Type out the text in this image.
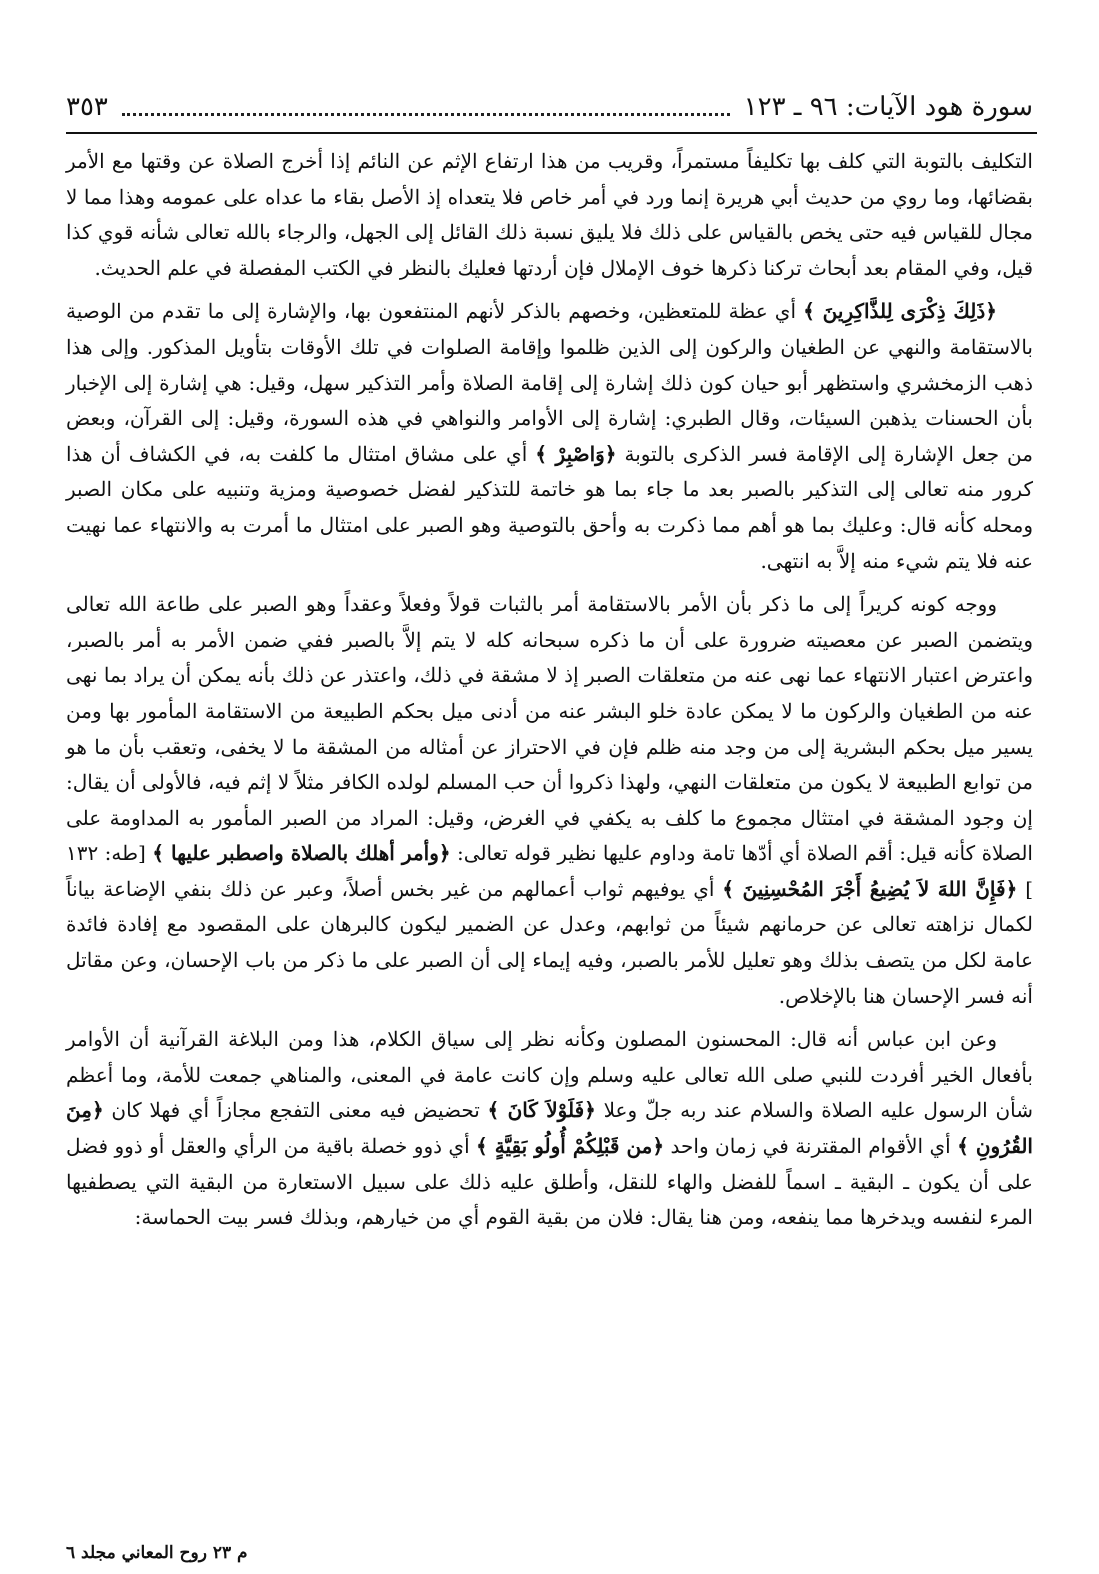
سورة هود الآيات: ٩٦ ـ ١٢٣
٣٥٣

التكليف بالتوبة التي كلف بها تكليفاً مستمراً، وقريب من هذا ارتفاع الإثم عن النائم إذا أخرج الصلاة عن وقتها مع الأمر بقضائها، وما روي من حديث أبي هريرة إنما ورد في أمر خاص فلا يتعداه إذ الأصل بقاء ما عداه على عمومه وهذا مما لا مجال للقياس فيه حتى يخص بالقياس على ذلك فلا يليق نسبة ذلك القائل إلى الجهل، والرجاء بالله تعالى شأنه قوي كذا قيل، وفي المقام بعد أبحاث تركنا ذكرها خوف الإملال فإن أردتها فعليك بالنظر في الكتب المفصلة في علم الحديث.

﴿ذَلِكَ ذِكْرَى لِلذَّاكِرِينَ ﴾ أي عظة للمتعظين، وخصهم بالذكر لأنهم المنتفعون بها، والإشارة إلى ما تقدم من الوصية بالاستقامة والنهي عن الطغيان والركون إلى الذين ظلموا وإقامة الصلوات في تلك الأوقات بتأويل المذكور. وإلى هذا ذهب الزمخشري واستظهر أبو حيان كون ذلك إشارة إلى إقامة الصلاة وأمر التذكير سهل، وقيل: هي إشارة إلى الإخبار بأن الحسنات يذهبن السيئات، وقال الطبري: إشارة إلى الأوامر والنواهي في هذه السورة، وقيل: إلى القرآن، وبعض من جعل الإشارة إلى الإقامة فسر الذكرى بالتوبة ﴿وَاصْبِرْ ﴾ أي على مشاق امتثال ما كلفت به، في الكشاف أن هذا كرور منه تعالى إلى التذكير بالصبر بعد ما جاء بما هو خاتمة للتذكير لفضل خصوصية ومزية وتنبيه على مكان الصبر ومحله كأنه قال: وعليك بما هو أهم مما ذكرت به وأحق بالتوصية وهو الصبر على امتثال ما أمرت به والانتهاء عما نهيت عنه فلا يتم شيء منه إلاَّ به انتهى.

ووجه كونه كريراً إلى ما ذكر بأن الأمر بالاستقامة أمر بالثبات قولاً وفعلاً وعقداً وهو الصبر على طاعة الله تعالى ويتضمن الصبر عن معصيته ضرورة على أن ما ذكره سبحانه كله لا يتم إلاَّ بالصبر ففي ضمن الأمر به أمر بالصبر، واعترض اعتبار الانتهاء عما نهى عنه من متعلقات الصبر إذ لا مشقة في ذلك، واعتذر عن ذلك بأنه يمكن أن يراد بما نهى عنه من الطغيان والركون ما لا يمكن عادة خلو البشر عنه من أدنى ميل بحكم الطبيعة من الاستقامة المأمور بها ومن يسير ميل بحكم البشرية إلى من وجد منه ظلم فإن في الاحتراز عن أمثاله من المشقة ما لا يخفى، وتعقب بأن ما هو من توابع الطبيعة لا يكون من متعلقات النهي، ولهذا ذكروا أن حب المسلم لولده الكافر مثلاً لا إثم فيه، فالأولى أن يقال: إن وجود المشقة في امتثال مجموع ما كلف به يكفي في الغرض، وقيل: المراد من الصبر المأمور به المداومة على الصلاة كأنه قيل: أقم الصلاة أي أدّها تامة وداوم عليها نظير قوله تعالى: ﴿وأمر أهلك بالصلاة واصطبر عليها ﴾ [طه: ١٣٢ ] ﴿فَإِنَّ اللهَ لاَ يُضِيعُ أَجْرَ المُحْسِنِينَ ﴾ أي يوفيهم ثواب أعمالهم من غير بخس أصلاً، وعبر عن ذلك بنفي الإضاعة بياناً لكمال نزاهته تعالى عن حرمانهم شيئاً من ثوابهم، وعدل عن الضمير ليكون كالبرهان على المقصود مع إفادة فائدة عامة لكل من يتصف بذلك وهو تعليل للأمر بالصبر، وفيه إيماء إلى أن الصبر على ما ذكر من باب الإحسان، وعن مقاتل أنه فسر الإحسان هنا بالإخلاص.

وعن ابن عباس أنه قال: المحسنون المصلون وكأنه نظر إلى سياق الكلام، هذا ومن البلاغة القرآنية أن الأوامر بأفعال الخير أفردت للنبي صلى الله تعالى عليه وسلم وإن كانت عامة في المعنى، والمناهي جمعت للأمة، وما أعظم شأن الرسول عليه الصلاة والسلام عند ربه جلّ وعلا ﴿فَلَوْلاَ كَانَ ﴾ تحضيض فيه معنى التفجع مجازاً أي فهلا كان ﴿مِنَ القُرُونِ ﴾ أي الأقوام المقترنة في زمان واحد ﴿من قَبْلِكُمْ أُولُو بَقِيَّةٍ ﴾ أي ذوو خصلة باقية من الرأي والعقل أو ذوو فضل على أن يكون ـ البقية ـ اسماً للفضل والهاء للنقل، وأطلق عليه ذلك على سبيل الاستعارة من البقية التي يصطفيها المرء لنفسه ويدخرها مما ينفعه، ومن هنا يقال: فلان من بقية القوم أي من خيارهم، وبذلك فسر بيت الحماسة:

م ٢٣ روح المعاني مجلد ٦
